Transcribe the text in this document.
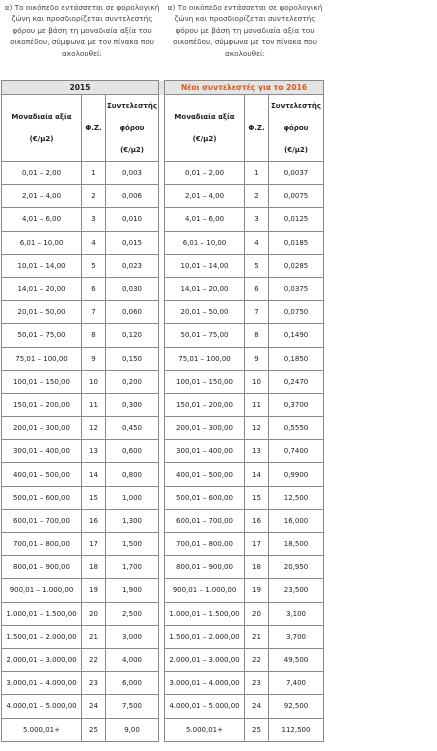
α) Το οικόπεδο εντάσσεται σε φορολογική ζώνη και προσδιορίζεται συντελεστής φόρου με βάση τη μοναδιαία αξία του οικοπέδου, σύμφωνα με τον πίνακα που ακολουθεί:
α) Το οικόπεδο εντάσσεται σε φορολογική ζώνη και προσδιορίζεται συντελεστής φόρου με βάση τη μοναδιαία αξία του οικοπέδου, σύμφωνα με τον πίνακα που ακολουθεί:
2015				Νέοι συντελεστές για το 2016		
Μοναδιαία αξία
(€/μ2)	Φ.Ζ.	Συντελεστής
φόρου
(€/μ2)		Μοναδιαία αξία
(€/μ2)	Φ.Ζ.	Συντελεστής
φόρου
(€/μ2)
0,01 – 2,00	1	0,003		0,01 – 2,00	1	0,0037
2,01 – 4,00	2	0,006		2,01 – 4,00	2	0,0075
4,01 – 6,00	3	0,010		4,01 – 6,00	3	0,0125
6,01 – 10,00	4	0,015		6,01 – 10,00	4	0,0185
10,01 – 14,00	5	0,023		10,01 – 14,00	5	0,0285
14,01 – 20,00	6	0,030		14,01 – 20,00	6	0,0375
20,01 – 50,00	7	0,060		20,01 – 50,00	7	0,0750
50,01 – 75,00	8	0,120		50,01 – 75,00	8	0,1490
75,01 – 100,00	9	0,150		75,01 – 100,00	9	0,1850
100,01 – 150,00	10	0,200		100,01 – 150,00	10	0,2470
150,01 – 200,00	11	0,300		150,01 – 200,00	11	0,3700
200,01 – 300,00	12	0,450		200,01 – 300,00	12	0,5550
300,01 – 400,00	13	0,600		300,01 – 400,00	13	0,7400
400,01 – 500,00	14	0,800		400,01 – 500,00	14	0,9900
500,01 – 600,00	15	1,000		500,01 – 600,00	15	12,500
600,01 – 700,00	16	1,300		600,01 – 700,00	16	16,000
700,01 – 800,00	17	1,500		700,01 – 800,00	17	18,500
800,01 – 900,00	18	1,700		800,01 – 900,00	18	20,950
900,01 – 1.000,00	19	1,900		900,01 – 1.000,00	19	23,500
1.000,01 – 1.500,00	20	2,500		1.000,01 – 1.500,00	20	3,100
1.500,01 – 2.000,00	21	3,000		1.500,01 – 2.000,00	21	3,700
2.000,01 – 3.000,00	22	4,000		2.000,01 – 3.000,00	22	49,500
3.000,01 – 4.000,00	23	6,000		3.000,01 – 4.000,00	23	7,400
4.000,01 – 5.000,00	24	7,500		4.000,01 – 5.000,00	24	92,500
5.000,01+	25	9,00		5.000,01+	25	112,500
